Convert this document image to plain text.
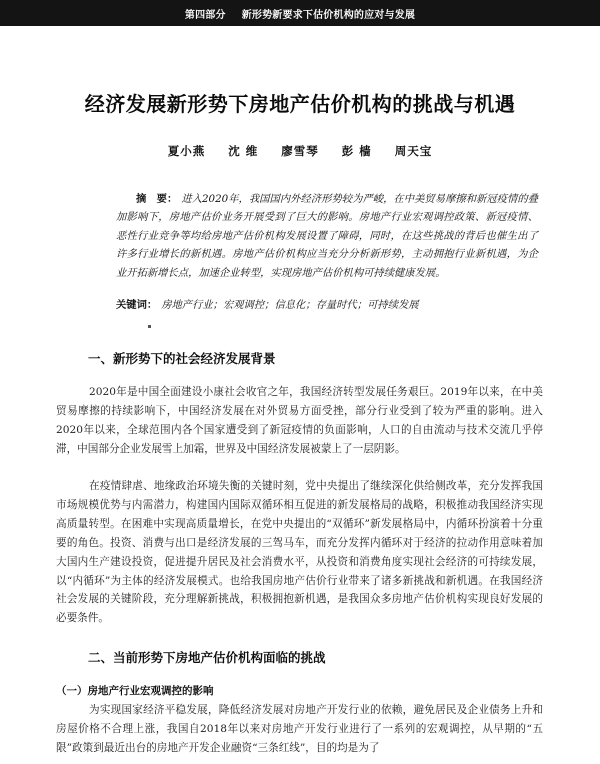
第四部分 新形势新要求下估价机构的应对与发展
经济发展新形势下房地产估价机构的挑战与机遇
夏小燕 沈 维 廖雪琴 彭 樯 周天宝
摘　要： 进入2020年，我国国内外经济形势较为严峻，在中美贸易摩擦和新冠疫情的叠加影响下，房地产估价业务开展受到了巨大的影响。房地产行业宏观调控政策、新冠疫情、恶性行业竞争等均给房地产估价机构发展设置了障碍，同时，在这些挑战的背后也催生出了许多行业增长的新机遇。房地产估价机构应当充分分析新形势，主动拥抱行业新机遇，为企业开拓新增长点，加速企业转型，实现房地产估价机构可持续健康发展。
关键词： 房地产行业；宏观调控；信息化；存量时代；可持续发展
一、新形势下的社会经济发展背景
2020年是中国全面建设小康社会收官之年，我国经济转型发展任务艰巨。2019年以来，在中美贸易摩擦的持续影响下，中国经济发展在对外贸易方面受挫，部分行业受到了较为严重的影响。进入2020年以来，全球范围内各个国家遭受到了新冠疫情的负面影响，人口的自由流动与技术交流几乎停滞，中国部分企业发展雪上加霜，世界及中国经济发展被蒙上了一层阴影。
在疫情肆虐、地缘政治环境失衡的关键时刻，党中央提出了继续深化供给侧改革，充分发挥我国市场规模优势与内需潜力，构建国内国际双循环相互促进的新发展格局的战略，积极推动我国经济实现高质量转型。在困难中实现高质量增长，在党中央提出的“双循环”新发展格局中，内循环扮演着十分重要的角色。投资、消费与出口是经济发展的三驾马车，而充分发挥内循环对于经济的拉动作用意味着加大国内生产建设投资，促进提升居民及社会消费水平，从投资和消费角度实现社会经济的可持续发展，以“内循环”为主体的经济发展模式。也给我国房地产估价行业带来了诸多新挑战和新机遇。在我国经济社会发展的关键阶段，充分理解新挑战，积极拥抱新机遇，是我国众多房地产估价机构实现良好发展的必要条件。
二、当前形势下房地产估价机构面临的挑战
（一）房地产行业宏观调控的影响
为实现国家经济平稳发展，降低经济发展对房地产开发行业的依赖，避免居民及企业债务上升和房屋价格不合理上涨，我国自2018年以来对房地产开发行业进行了一系列的宏观调控，从早期的“五限”政策到最近出台的房地产开发企业融资“三条红线”，目的均是为了
